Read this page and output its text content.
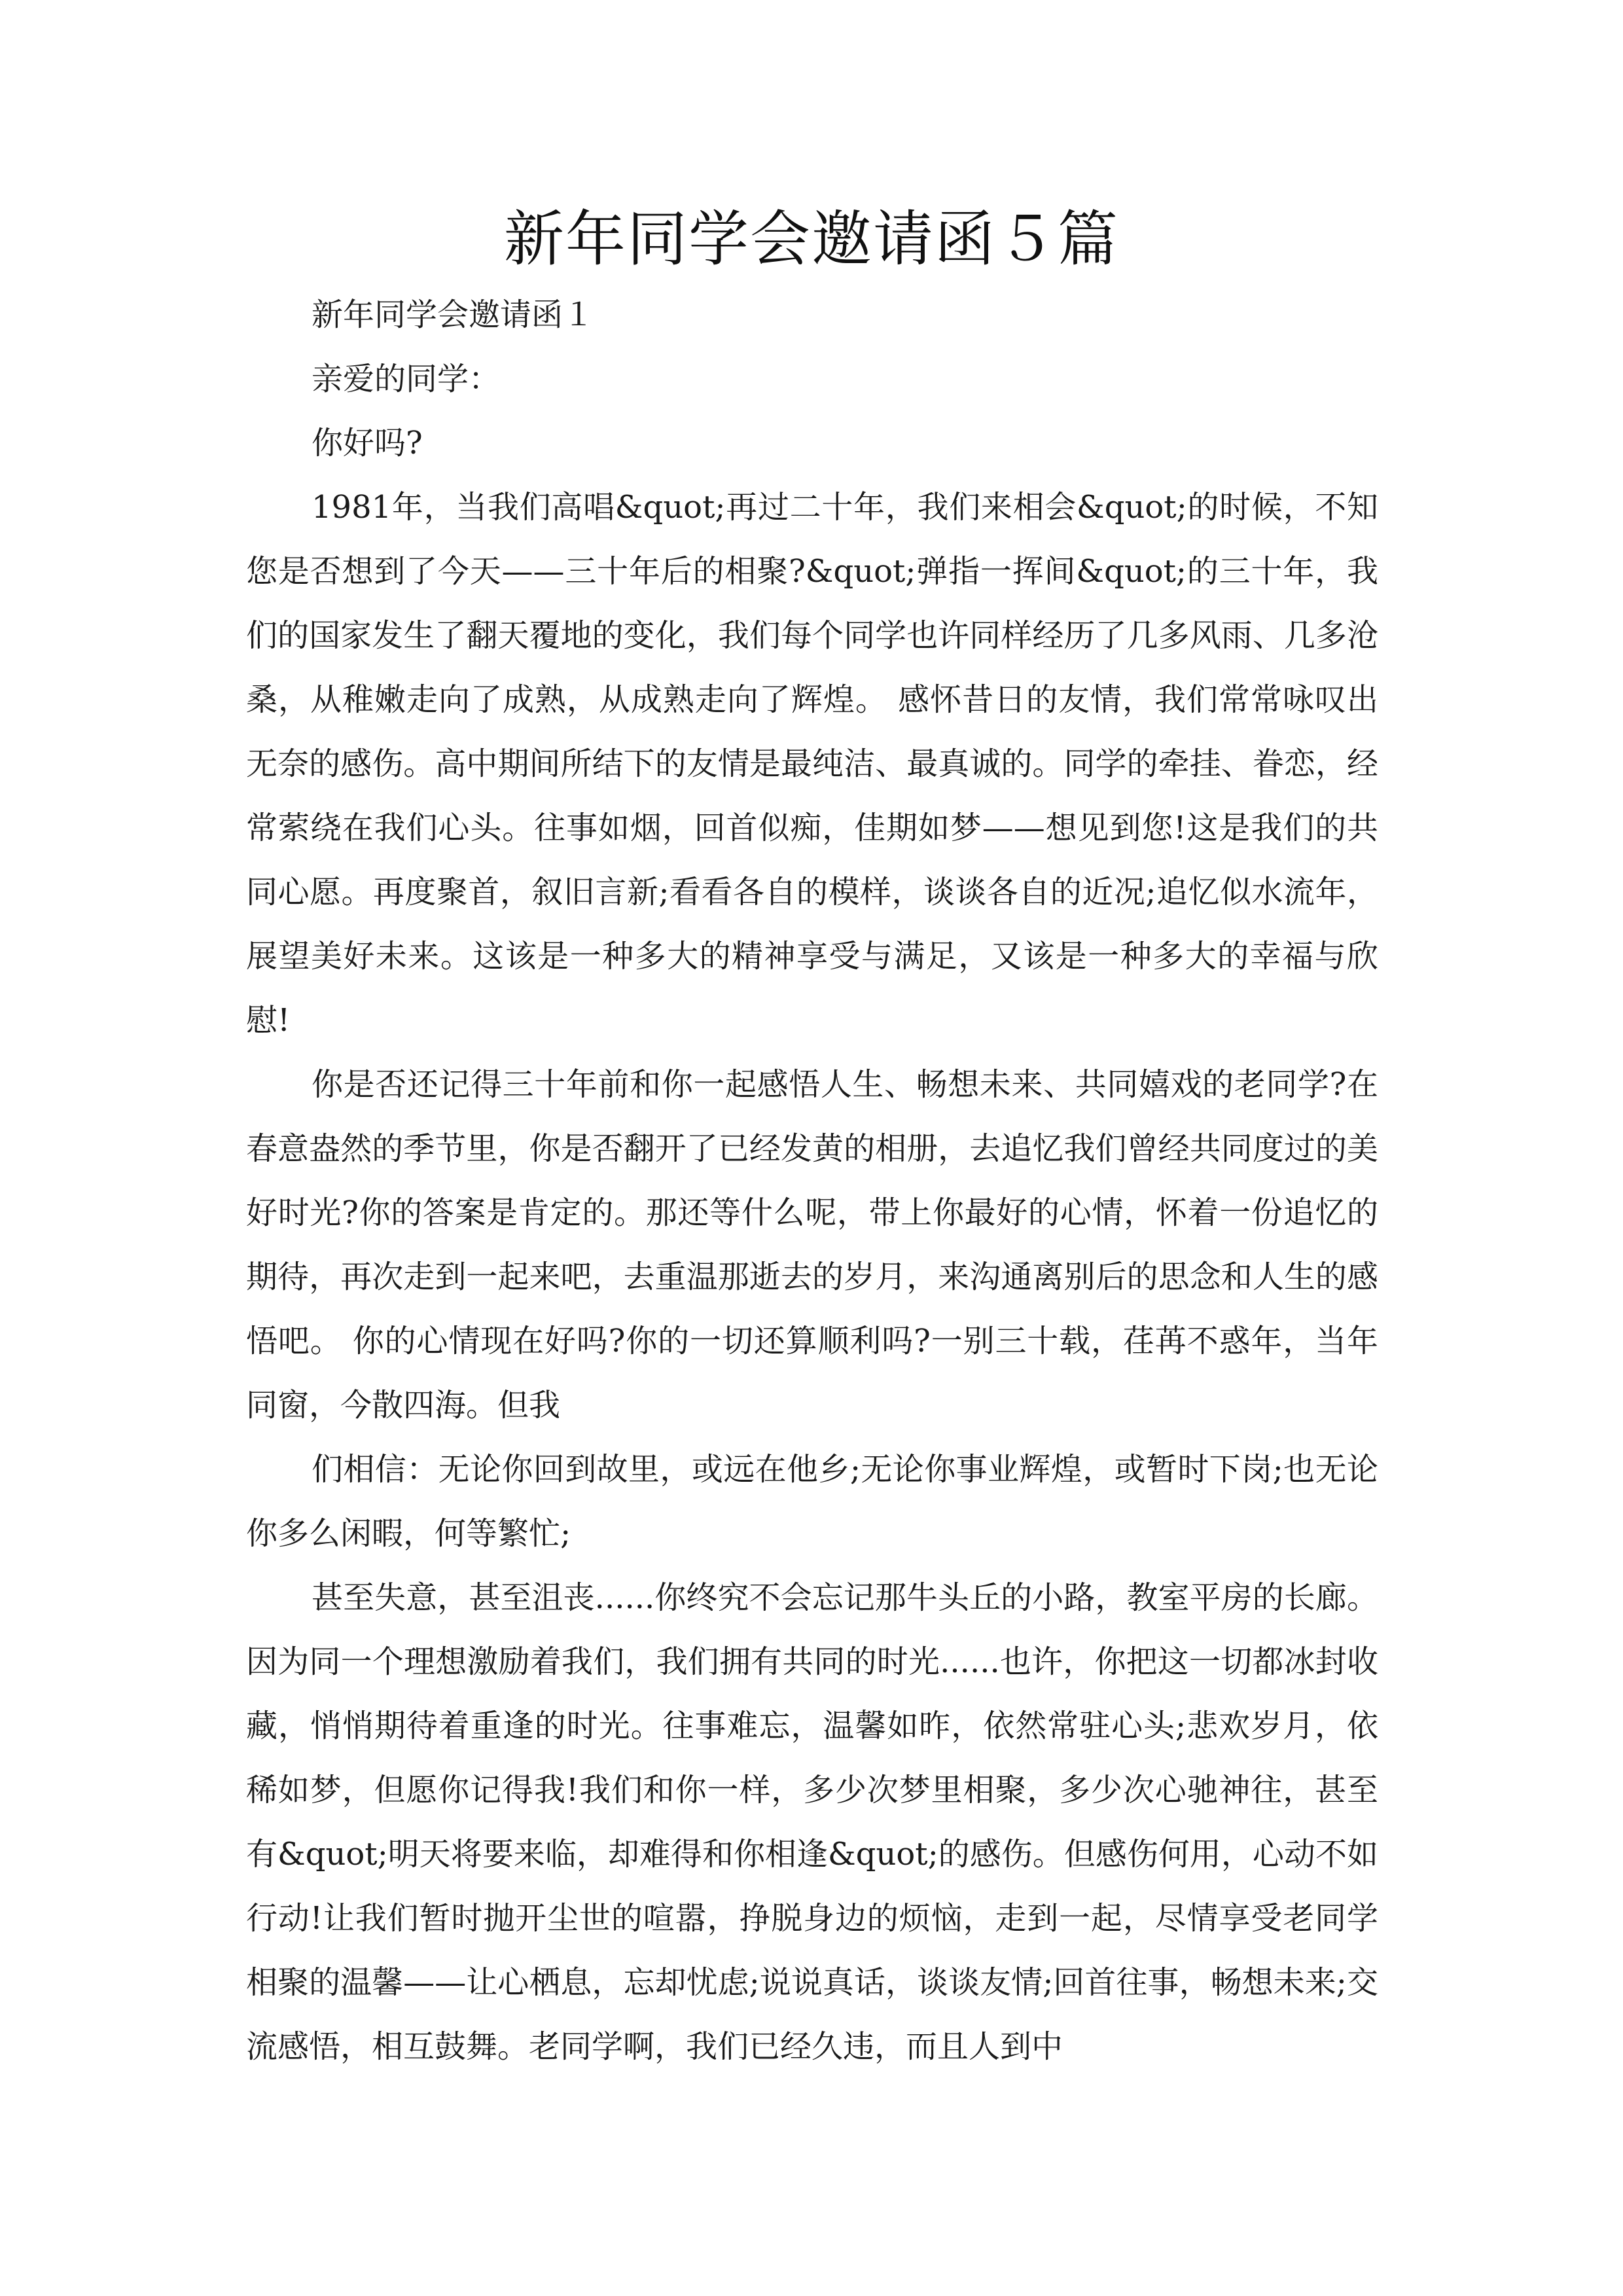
新年同学会邀请函５篇

新年同学会邀请函１

亲爱的同学：

你好吗?

1981年，当我们高唱&quot;再过二十年，我们来相会&quot;的时候，不知您是否想到了今天——三十年后的相聚?&quot;弹指一挥间&quot;的三十年，我们的国家发生了翻天覆地的变化，我们每个同学也许同样经历了几多风雨、几多沧桑，从稚嫩走向了成熟，从成熟走向了辉煌。 感怀昔日的友情，我们常常咏叹出无奈的感伤。高中期间所结下的友情是最纯洁、最真诚的。同学的牵挂、眷恋，经常萦绕在我们心头。往事如烟，回首似痴，佳期如梦——想见到您!这是我们的共同心愿。再度聚首，叙旧言新;看看各自的模样，谈谈各自的近况;追忆似水流年，展望美好未来。这该是一种多大的精神享受与满足，又该是一种多大的幸福与欣慰!

你是否还记得三十年前和你一起感悟人生、畅想未来、共同嬉戏的老同学?在春意盎然的季节里，你是否翻开了已经发黄的相册，去追忆我们曾经共同度过的美好时光?你的答案是肯定的。那还等什么呢，带上你最好的心情，怀着一份追忆的期待，再次走到一起来吧，去重温那逝去的岁月，来沟通离别后的思念和人生的感悟吧。 你的心情现在好吗?你的一切还算顺利吗?一别三十载，荏苒不惑年，当年同窗，今散四海。但我

们相信：无论你回到故里，或远在他乡;无论你事业辉煌，或暂时下岗;也无论你多么闲暇，何等繁忙;

甚至失意，甚至沮丧......你终究不会忘记那牛头丘的小路，教室平房的长廊。因为同一个理想激励着我们，我们拥有共同的时光......也许，你把这一切都冰封收藏，悄悄期待着重逢的时光。往事难忘，温馨如昨，依然常驻心头;悲欢岁月，依稀如梦，但愿你记得我!我们和你一样，多少次梦里相聚，多少次心驰神往，甚至有&quot;明天将要来临，却难得和你相逢&quot;的感伤。但感伤何用，心动不如行动!让我们暂时抛开尘世的喧嚣，挣脱身边的烦恼，走到一起，尽情享受老同学相聚的温馨——让心栖息，忘却忧虑;说说真话，谈谈友情;回首往事，畅想未来;交流感悟，相互鼓舞。老同学啊，我们已经久违，而且人到中
